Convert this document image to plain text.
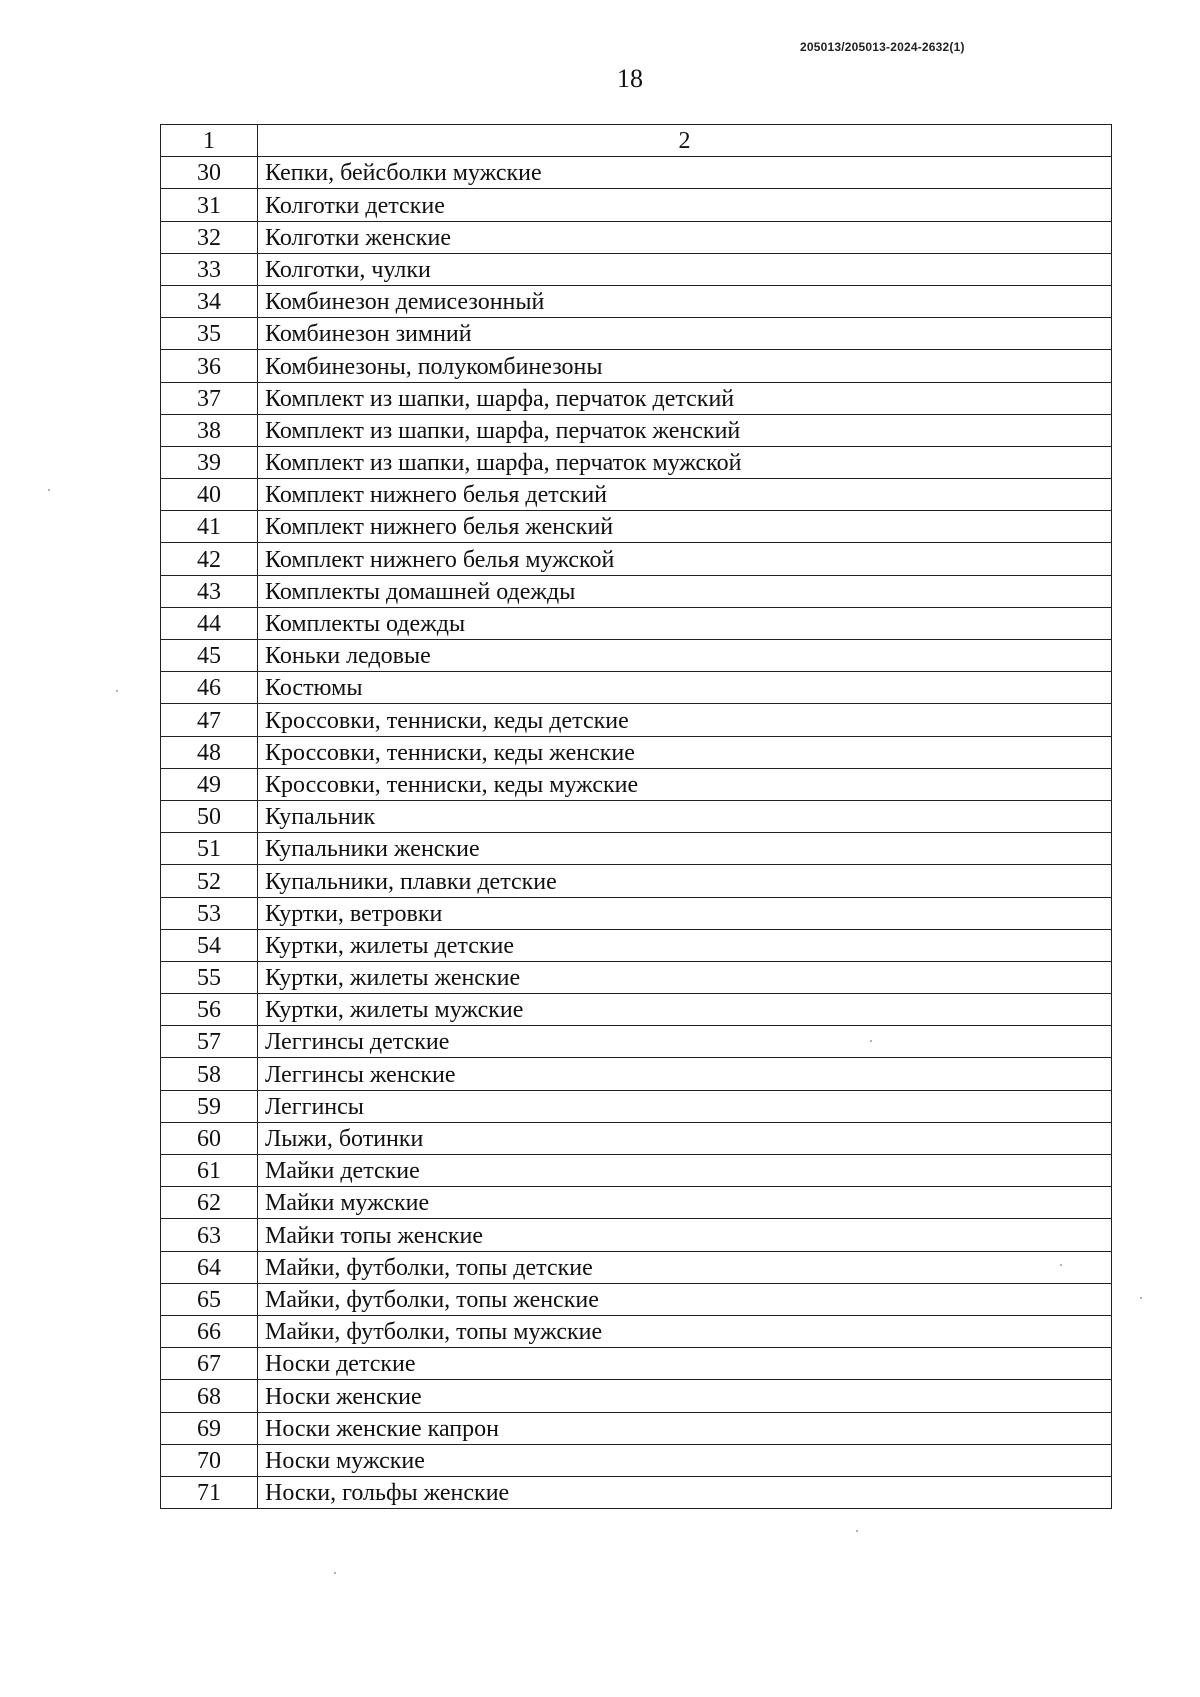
205013/205013-2024-2632(1)
18
1	2
30	Кепки, бейсболки мужские
31	Колготки детские
32	Колготки женские
33	Колготки, чулки
34	Комбинезон демисезонный
35	Комбинезон зимний
36	Комбинезоны, полукомбинезоны
37	Комплект из шапки, шарфа, перчаток детский
38	Комплект из шапки, шарфа, перчаток женский
39	Комплект из шапки, шарфа, перчаток мужской
40	Комплект нижнего белья детский
41	Комплект нижнего белья женский
42	Комплект нижнего белья мужской
43	Комплекты домашней одежды
44	Комплекты одежды
45	Коньки ледовые
46	Костюмы
47	Кроссовки, тенниски, кеды детские
48	Кроссовки, тенниски, кеды женские
49	Кроссовки, тенниски, кеды мужские
50	Купальник
51	Купальники женские
52	Купальники, плавки детские
53	Куртки, ветровки
54	Куртки, жилеты детские
55	Куртки, жилеты женские
56	Куртки, жилеты мужские
57	Леггинсы детские
58	Леггинсы женские
59	Леггинсы
60	Лыжи, ботинки
61	Майки детские
62	Майки мужские
63	Майки топы женские
64	Майки, футболки, топы детские
65	Майки, футболки, топы женские
66	Майки, футболки, топы мужские
67	Носки детские
68	Носки женские
69	Носки женские капрон
70	Носки мужские
71	Носки, гольфы женские
